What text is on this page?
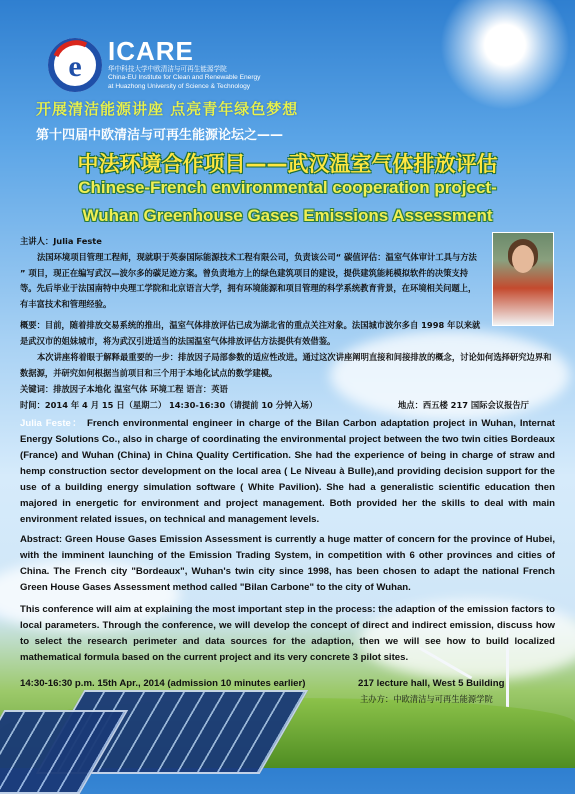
e ICARE
华中科技大学中欧清洁与可再生能源学院
China-EU Institute for Clean and Renewable Energy
at Huazhong University of Science & Technology
开展清洁能源讲座 点亮青年绿色梦想
第十四届中欧清洁与可再生能源论坛之——
中法环境合作项目——武汉温室气体排放评估
Chinese-French environmental cooperation project-
Wuhan Greenhouse Gases Emissions Assessment
主讲人：Julia Feste
法国环境项目管理工程师，现就职于英泰国际能源技术工程有限公司，负责该公司“ 碳值评估：温室气体审计工具与方法 ” 项目，现正在编写武汉—波尔多的碳足迹方案。曾负责地方上的绿色建筑项目的建设，提供建筑能耗模拟软件的决策支持等。先后毕业于法国南特中央理工学院和北京语言大学，拥有环境能源和项目管理的科学系统教育背景，在环境相关问题上，有丰富技术和管理经验。
概要：目前，随着排放交易系统的推出，温室气体排放评估已成为湖北省的重点关注对象。法国城市波尔多自 1998 年以来就是武汉市的姐妹城市，将为武汉引进适当的法国温室气体排放评估方法提供有效借鉴。
本次讲座将着眼于解释最重要的一步：排放因子局部参数的适应性改进。通过这次讲座阐明直接和间接排放的概念，讨论如何选择研究边界和数据源，并研究如何根据当前项目和三个用于本地化试点的数学建模。
关键词：排放因子本地化 温室气体 环境工程 语言：英语
时间：2014 年 4 月 15 日（星期二） 14:30-16:30（请提前 10 分钟入场）	地点：西五楼 217 国际会议报告厅
Julia Feste： French environmental engineer in charge of the Bilan Carbon adaptation project in Wuhan, Internat Energy Solutions Co., also in charge of coordinating the environmental project between the two twin cities Bordeaux (France) and Wuhan (China) in China Quality Certification. She had the experience of being in charge of straw and hemp construction sector development on the local area ( Le Niveau à Bulle),and providing decision support for the use of a building energy simulation software ( White Pavilion). She had a generalistic scientific education then majored in energetic for environment and project management. Both provided her the skills to deal with main environment related issues, on technical and management levels.
Abstract: Green House Gases Emission Assessment is currently a huge matter of concern for the province of Hubei, with the imminent launching of the Emission Trading System, in competition with 6 other provinces and cities of China. The French city "Bordeaux", Wuhan's twin city since 1998, has been chosen to adapt the national French Green House Gases Assessment method called "Bilan Carbone" to the city of Wuhan.
This conference will aim at explaining the most important step in the process: the adaption of the emission factors to local parameters. Through the conference, we will develop the concept of direct and indirect emission, discuss how to select the research perimeter and data sources for the adaption, then we will see how to build localized mathematical formula based on the current project and its very concrete 3 pilot sites.
14:30-16:30 p.m. 15th Apr., 2014 (admission 10 minutes earlier)	217 lecture hall, West 5 Building
主办方：中欧清洁与可再生能源学院
